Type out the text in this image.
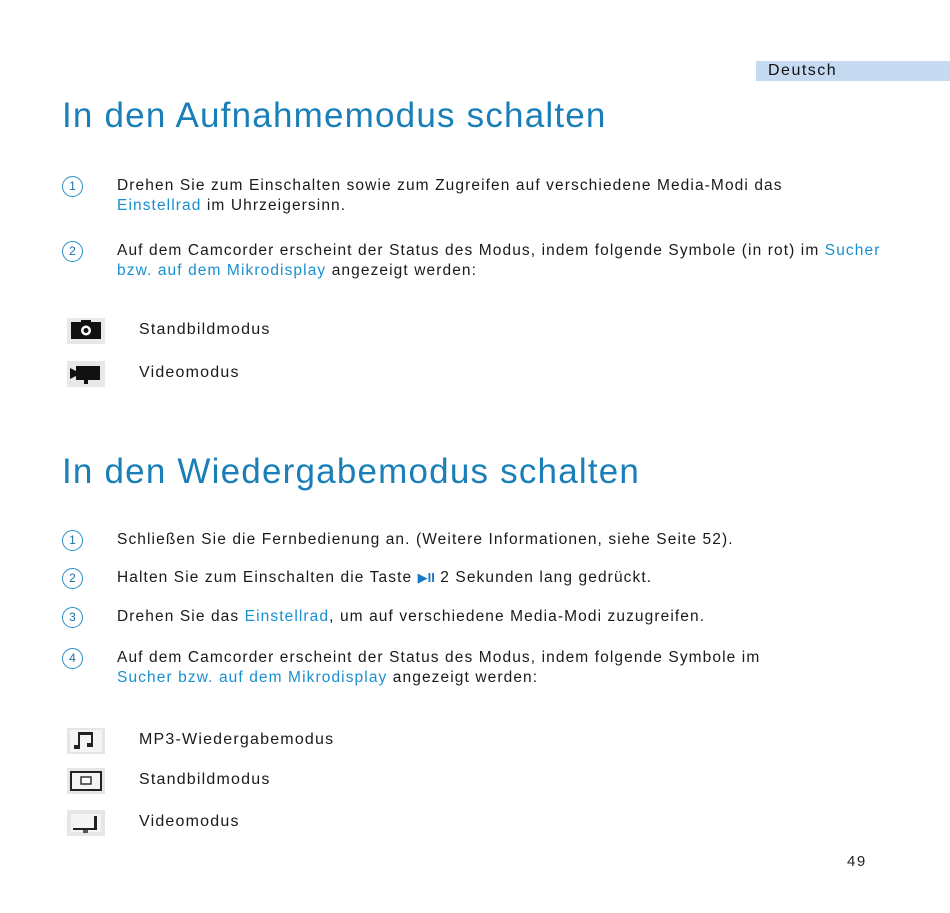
Deutsch
In den Aufnahmemodus schalten
1	Drehen Sie zum Einschalten sowie zum Zugreifen auf verschiedene Media-Modi das
Einstellrad im Uhrzeigersinn.
2	Auf dem Camcorder erscheint der Status des Modus, indem folgende Symbole (in rot) im Sucher bzw. auf dem Mikrodisplay angezeigt werden:
Standbildmodus
Videomodus
In den Wiedergabemodus schalten
1	Schließen Sie die Fernbedienung an. (Weitere Informationen, siehe Seite 52).
2	Halten Sie zum Einschalten die Taste ▶II 2 Sekunden lang gedrückt.
3	Drehen Sie das Einstellrad, um auf verschiedene Media-Modi zuzugreifen.
4	Auf dem Camcorder erscheint der Status des Modus, indem folgende Symbole im
Sucher bzw. auf dem Mikrodisplay angezeigt werden:
MP3-Wiedergabemodus
Standbildmodus
Videomodus
49
